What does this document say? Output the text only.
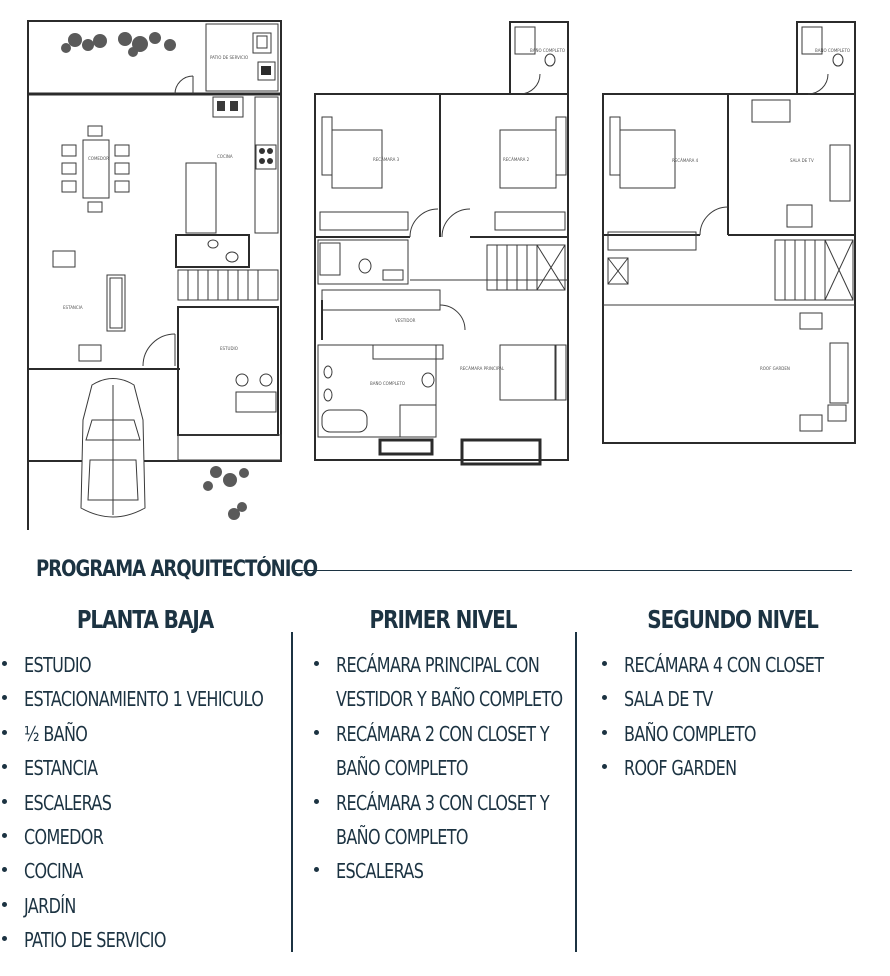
PATIO DE SERVICIO
COCINA
COMEDOR
ESTANCIA
ESTUDIO
BAÑO COMPLETO
RECÁMARA 3	RECÁMARA 2
VESTIDOR
BAÑO COMPLETO
RECÁMARA PRINCIPAL
BAÑO COMPLETO
RECÁMARA 4	SALA DE TV
ROOF GARDEN
PROGRAMA ARQUITECTÓNICO
PLANTA BAJA
ESTUDIO
ESTACIONAMIENTO 1 VEHICULO
½ BAÑO
ESTANCIA
ESCALERAS
COMEDOR
COCINA
JARDÍN
PATIO DE SERVICIO
PRIMER NIVEL
RECÁMARA PRINCIPAL CON
VESTIDOR Y BAÑO COMPLETO
RECÁMARA 2 CON CLOSET Y
BAÑO COMPLETO
RECÁMARA 3 CON CLOSET Y
BAÑO COMPLETO
ESCALERAS
SEGUNDO NIVEL
RECÁMARA 4 CON CLOSET
SALA DE TV
BAÑO COMPLETO
ROOF GARDEN
